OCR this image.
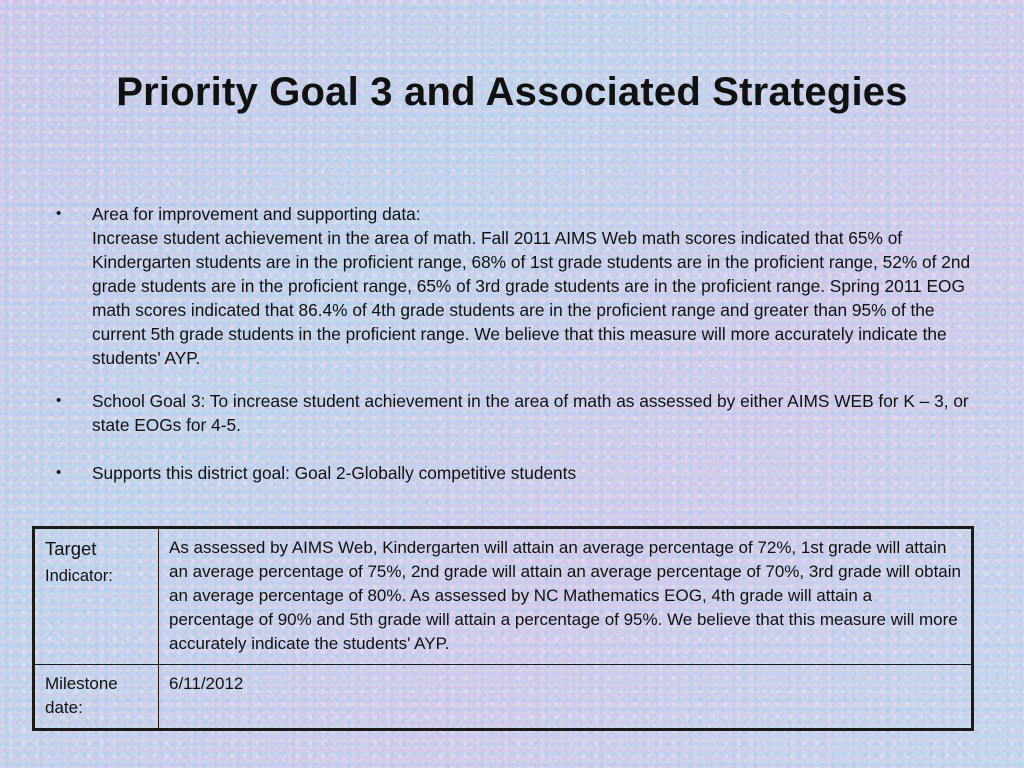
Priority Goal 3 and Associated Strategies
• Area for improvement and supporting data:

Increase student achievement in the area of math. Fall 2011 AIMS Web math scores indicated that 65% of Kindergarten students are in the proficient range, 68% of 1st grade students are in the proficient range, 52% of 2nd grade students are in the proficient range, 65% of 3rd grade students are in the proficient range. Spring 2011 EOG math scores indicated that 86.4% of 4th grade students are in the proficient range and greater than 95% of the current 5th grade students in the proficient range. We believe that this measure will more accurately indicate the students' AYP.

• School Goal 3: To increase student achievement in the area of math as assessed by either AIMS WEB for K – 3, or state EOGs for 4-5.

• Supports this district goal: Goal 2-Globally competitive students

Target
Indicator:	As assessed by AIMS Web, Kindergarten will attain an average percentage of 72%, 1st grade will attain an average percentage of 75%, 2nd grade will attain an average percentage of 70%, 3rd grade will obtain an average percentage of 80%. As assessed by NC Mathematics EOG, 4th grade will attain a percentage of 90% and 5th grade will attain a percentage of 95%. We believe that this measure will more accurately indicate the students' AYP.
Milestone date:	6/11/2012
